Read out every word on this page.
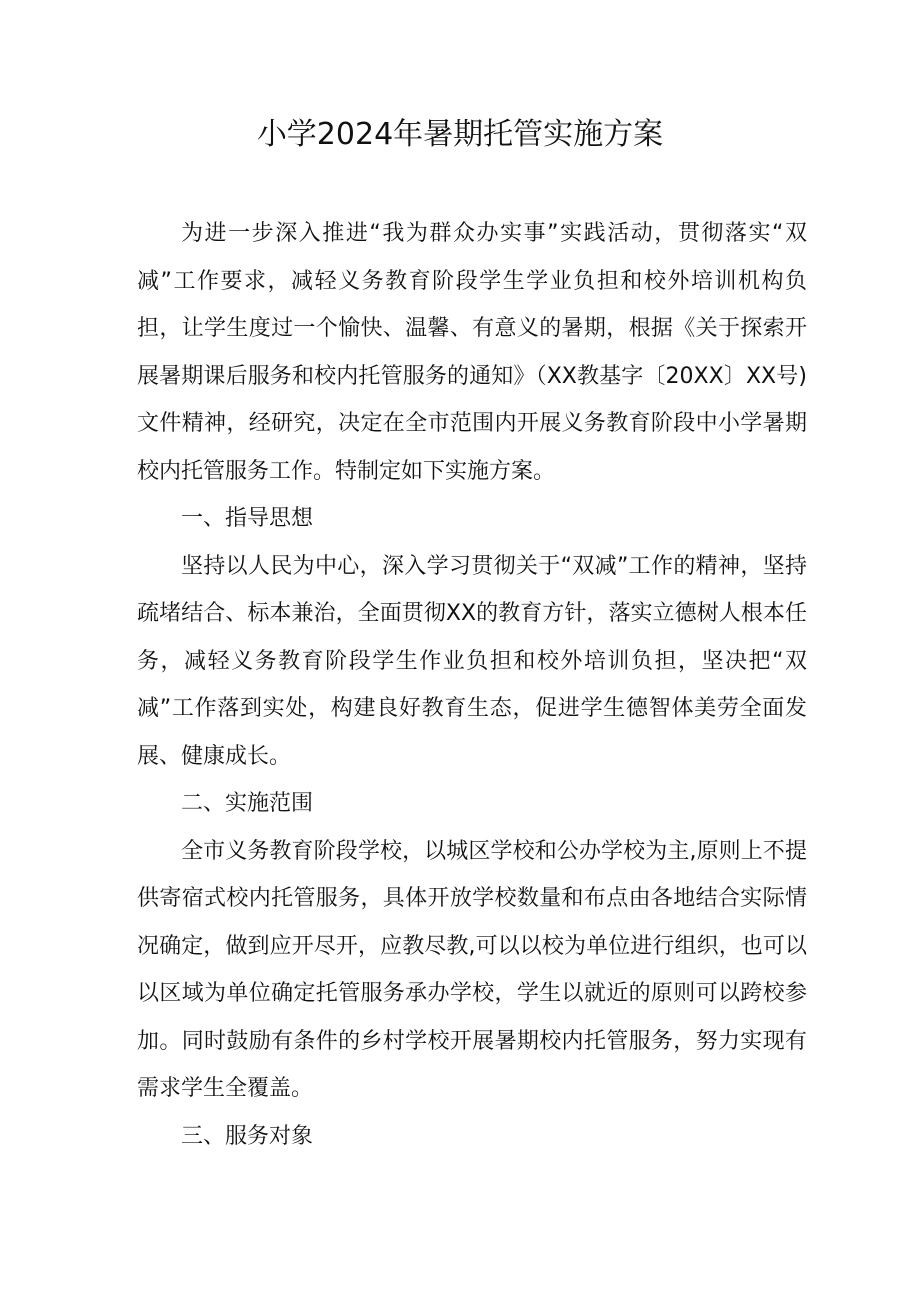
小学2024年暑期托管实施方案

为进一步深入推进“我为群众办实事”实践活动，贯彻落实“双减”工作要求，减轻义务教育阶段学生学业负担和校外培训机构负担，让学生度过一个愉快、温馨、有意义的暑期，根据《关于探索开展暑期课后服务和校内托管服务的通知》（XX教基字〔20XX〕XX号)文件精神，经研究，决定在全市范围内开展义务教育阶段中小学暑期校内托管服务工作。特制定如下实施方案。

一、指导思想

坚持以人民为中心，深入学习贯彻关于“双减”工作的精神，坚持疏堵结合、标本兼治，全面贯彻XX的教育方针，落实立德树人根本任务，减轻义务教育阶段学生作业负担和校外培训负担，坚决把“双减”工作落到实处，构建良好教育生态，促进学生德智体美劳全面发展、健康成长。

二、实施范围

全市义务教育阶段学校，以城区学校和公办学校为主,原则上不提供寄宿式校内托管服务，具体开放学校数量和布点由各地结合实际情况确定，做到应开尽开，应教尽教,可以以校为单位进行组织，也可以以区域为单位确定托管服务承办学校，学生以就近的原则可以跨校参加。同时鼓励有条件的乡村学校开展暑期校内托管服务，努力实现有需求学生全覆盖。

三、服务对象
